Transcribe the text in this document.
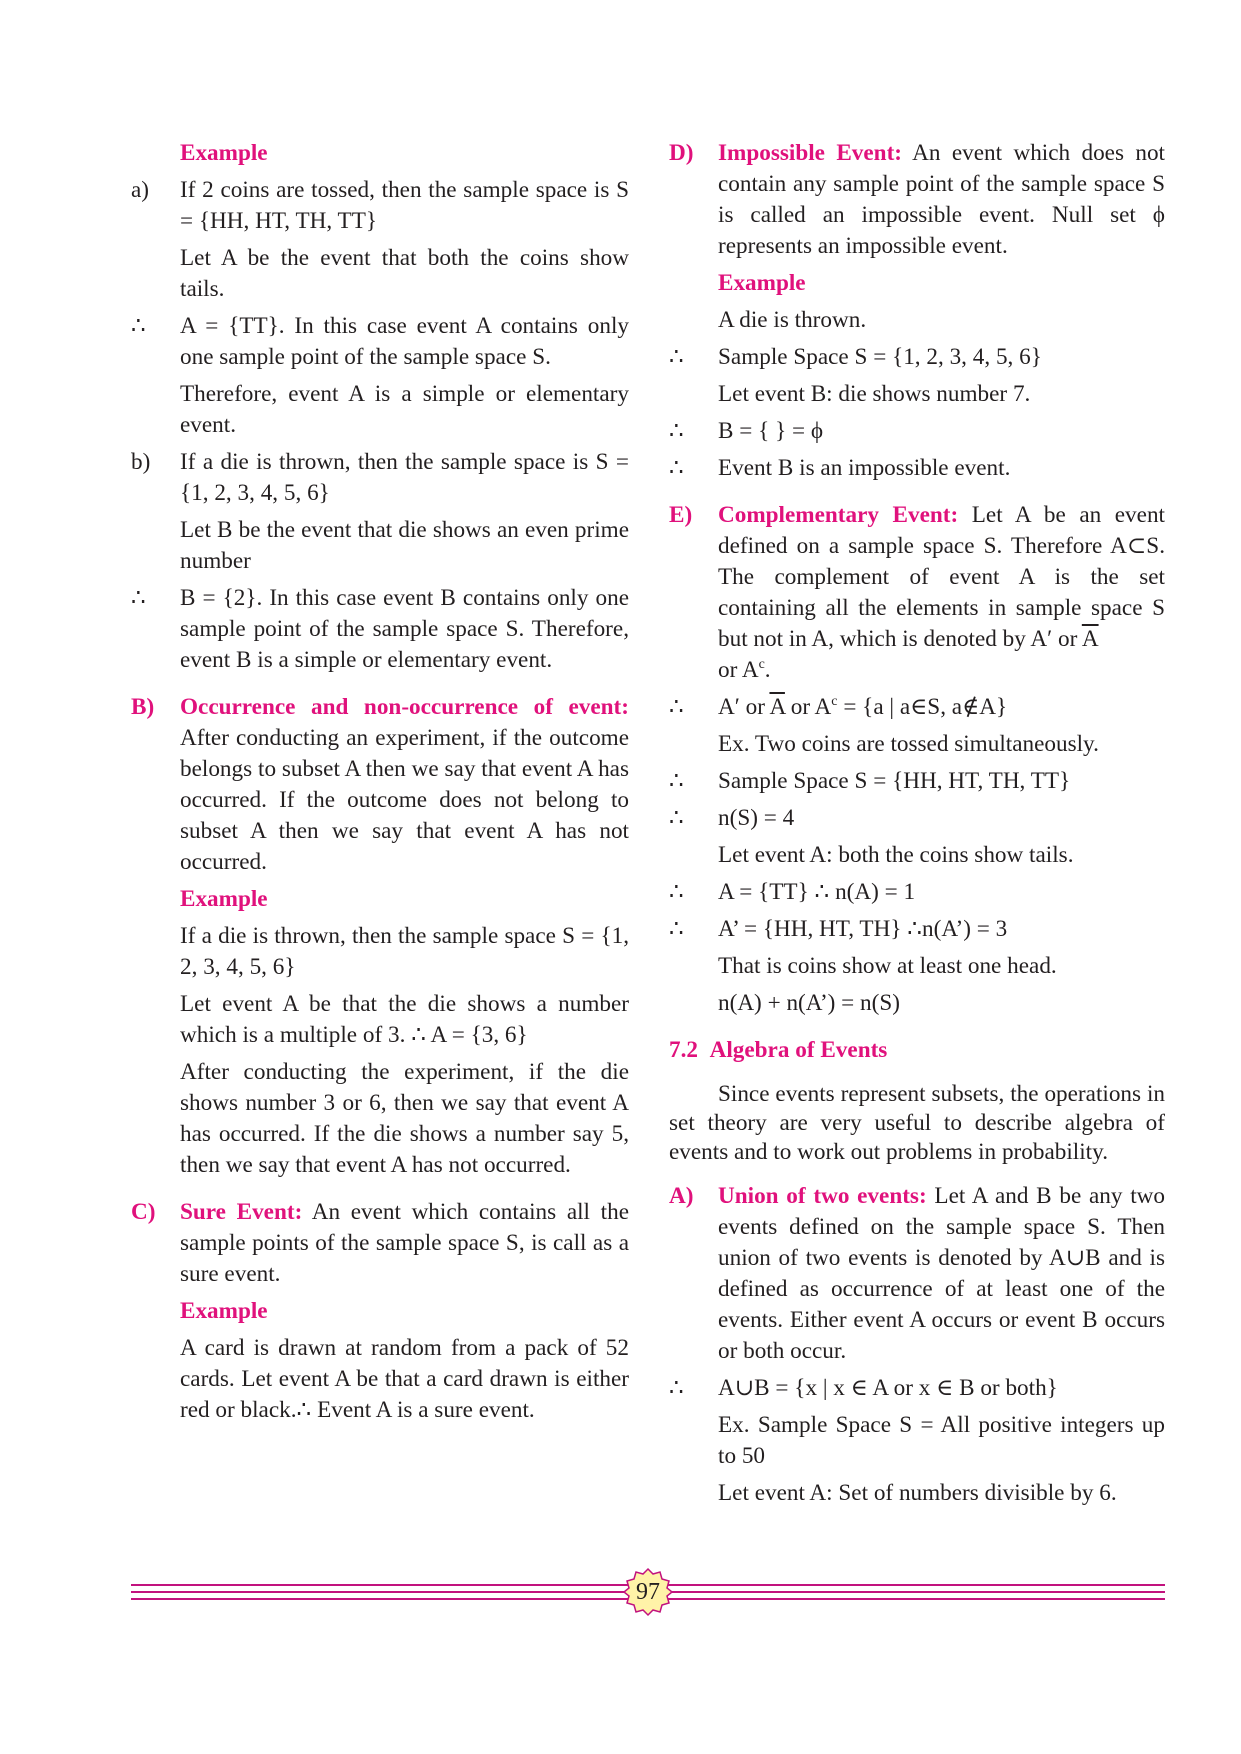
Example
a) If 2 coins are tossed, then the sample space is S = {HH, HT, TH, TT}
Let A be the event that both the coins show tails.
∴ A = {TT}. In this case event A contains only one sample point of the sample space S.
Therefore, event A is a simple or elementary event.
b) If a die is thrown, then the sample space is S = {1, 2, 3, 4, 5, 6}
Let B be the event that die shows an even prime number
∴ B = {2}. In this case event B contains only one sample point of the sample space S. Therefore, event B is a simple or elementary event.
B) Occurrence and non-occurrence of event: After conducting an experiment, if the outcome belongs to subset A then we say that event A has occurred. If the outcome does not belong to subset A then we say that event A has not occurred.
Example
If a die is thrown, then the sample space S = {1, 2, 3, 4, 5, 6}
Let event A be that the die shows a number which is a multiple of 3. ∴ A = {3, 6}
After conducting the experiment, if the die shows number 3 or 6, then we say that event A has occurred. If the die shows a number say 5, then we say that event A has not occurred.
C) Sure Event: An event which contains all the sample points of the sample space S, is call as a sure event.
Example
A card is drawn at random from a pack of 52 cards. Let event A be that a card drawn is either red or black.∴ Event A is a sure event.
D) Impossible Event: An event which does not contain any sample point of the sample space S is called an impossible event. Null set ϕ represents an impossible event.
Example
A die is thrown.
∴ Sample Space S = {1, 2, 3, 4, 5, 6}
Let event B: die shows number 7.
∴ B = { } = ϕ
∴ Event B is an impossible event.
E) Complementary Event: Let A be an event defined on a sample space S. Therefore A⊂S. The complement of event A is the set containing all the elements in sample space S but not in A, which is denoted by A′ or $\overline{A}$
or $A^c$.
∴ A′ or $\overline{A}$ or $A^c = \{a$ | a∈S, a∉A}
Ex. Two coins are tossed simultaneously.
∴ Sample Space S = {HH, HT, TH, TT}
∴ n(S) = 4
Let event A: both the coins show tails.
∴ A = {TT} ∴ n(A) = 1
∴ A’ = {HH, HT, TH} ∴n(A’) = 3
That is coins show at least one head.
n(A) + n(A’) = n(S)
7.2 Algebra of Events
Since events represent subsets, the operations in set theory are very useful to describe algebra of events and to work out problems in probability.
A) Union of two events: Let A and B be any two events defined on the sample space S. Then union of two events is denoted by A∪B and is defined as occurrence of at least one of the events. Either event A occurs or event B occurs or both occur.
∴ A∪B = {x | x ∈ A or x ∈ B or both}
Ex. Sample Space S = All positive integers up to 50
Let event A: Set of numbers divisible by 6.
97
